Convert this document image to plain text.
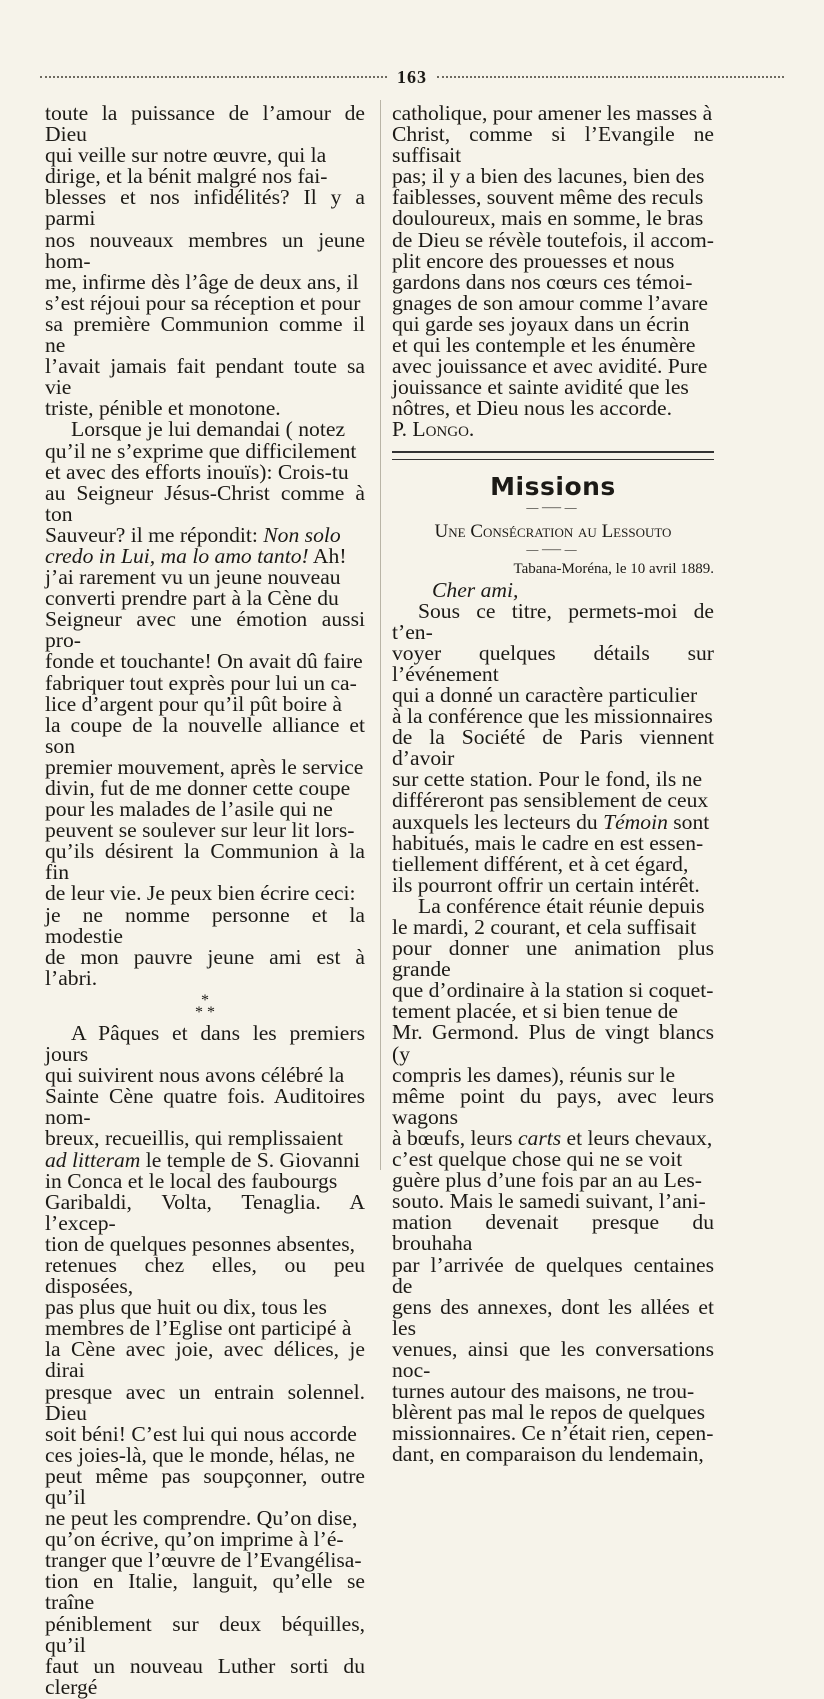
163

toute la puissance de l’amour de Dieu
qui veille sur notre œuvre, qui la
dirige, et la bénit malgré nos fai-
blesses et nos infidélités? Il y a parmi
nos nouveaux membres un jeune hom-
me, infirme dès l’âge de deux ans, il
s’est réjoui pour sa réception et pour
sa première Communion comme il ne
l’avait jamais fait pendant toute sa vie
triste, pénible et monotone.

Lorsque je lui demandai ( notez
qu’il ne s’exprime que difficilement
et avec des efforts inouïs): Crois-tu
au Seigneur Jésus-Christ comme à ton
Sauveur? il me répondit: Non solo
credo in Lui, ma lo amo tanto! Ah!
j’ai rarement vu un jeune nouveau
converti prendre part à la Cène du
Seigneur avec une émotion aussi pro-
fonde et touchante! On avait dû faire
fabriquer tout exprès pour lui un ca-
lice d’argent pour qu’il pût boire à
la coupe de la nouvelle alliance et son
premier mouvement, après le service
divin, fut de me donner cette coupe
pour les malades de l’asile qui ne
peuvent se soulever sur leur lit lors-
qu’ils désirent la Communion à la fin
de leur vie. Je peux bien écrire ceci:
je ne nomme personne et la modestie
de mon pauvre jeune ami est à l’abri.

*
* *

A Pâques et dans les premiers jours
qui suivirent nous avons célébré la
Sainte Cène quatre fois. Auditoires nom-
breux, recueillis, qui remplissaient
ad litteram le temple de S. Giovanni
in Conca et le local des faubourgs
Garibaldi, Volta, Tenaglia. A l’excep-
tion de quelques pesonnes absentes,
retenues chez elles, ou peu disposées,
pas plus que huit ou dix, tous les
membres de l’Eglise ont participé à
la Cène avec joie, avec délices, je dirai
presque avec un entrain solennel. Dieu
soit béni! C’est lui qui nous accorde
ces joies-là, que le monde, hélas, ne
peut même pas soupçonner, outre qu’il
ne peut les comprendre. Qu’on dise,
qu’on écrive, qu’on imprime à l’é-
tranger que l’œuvre de l’Evangélisa-
tion en Italie, languit, qu’elle se traîne
péniblement sur deux béquilles, qu’il
faut un nouveau Luther sorti du clergé

catholique, pour amener les masses à
Christ, comme si l’Evangile ne suffisait
pas; il y a bien des lacunes, bien des
faiblesses, souvent même des reculs
douloureux, mais en somme, le bras
de Dieu se révèle toutefois, il accom-
plit encore des prouesses et nous
gardons dans nos cœurs ces témoi-
gnages de son amour comme l’avare
qui garde ses joyaux dans un écrin
et qui les contemple et les énumère
avec jouissance et avec avidité. Pure
jouissance et sainte avidité que les
nôtres, et Dieu nous les accorde.

P. Longo.

Missions
—⸺—
Une Consécration au Lessouto
—⸺—
Tabana-Moréna, le 10 avril 1889.

Cher ami,

Sous ce titre, permets-moi de t’en-
voyer quelques détails sur l’événement
qui a donné un caractère particulier
à la conférence que les missionnaires
de la Société de Paris viennent d’avoir
sur cette station. Pour le fond, ils ne
différeront pas sensiblement de ceux
auxquels les lecteurs du Témoin sont
habitués, mais le cadre en est essen-
tiellement différent, et à cet égard,
ils pourront offrir un certain intérêt.

La conférence était réunie depuis
le mardi, 2 courant, et cela suffisait
pour donner une animation plus grande
que d’ordinaire à la station si coquet-
tement placée, et si bien tenue de
Mr. Germond. Plus de vingt blancs (y
compris les dames), réunis sur le
même point du pays, avec leurs wagons
à bœufs, leurs carts et leurs chevaux,
c’est quelque chose qui ne se voit
guère plus d’une fois par an au Les-
souto. Mais le samedi suivant, l’ani-
mation devenait presque du brouhaha
par l’arrivée de quelques centaines de
gens des annexes, dont les allées et les
venues, ainsi que les conversations noc-
turnes autour des maisons, ne trou-
blèrent pas mal le repos de quelques
missionnaires. Ce n’était rien, cepen-
dant, en comparaison du lendemain,
